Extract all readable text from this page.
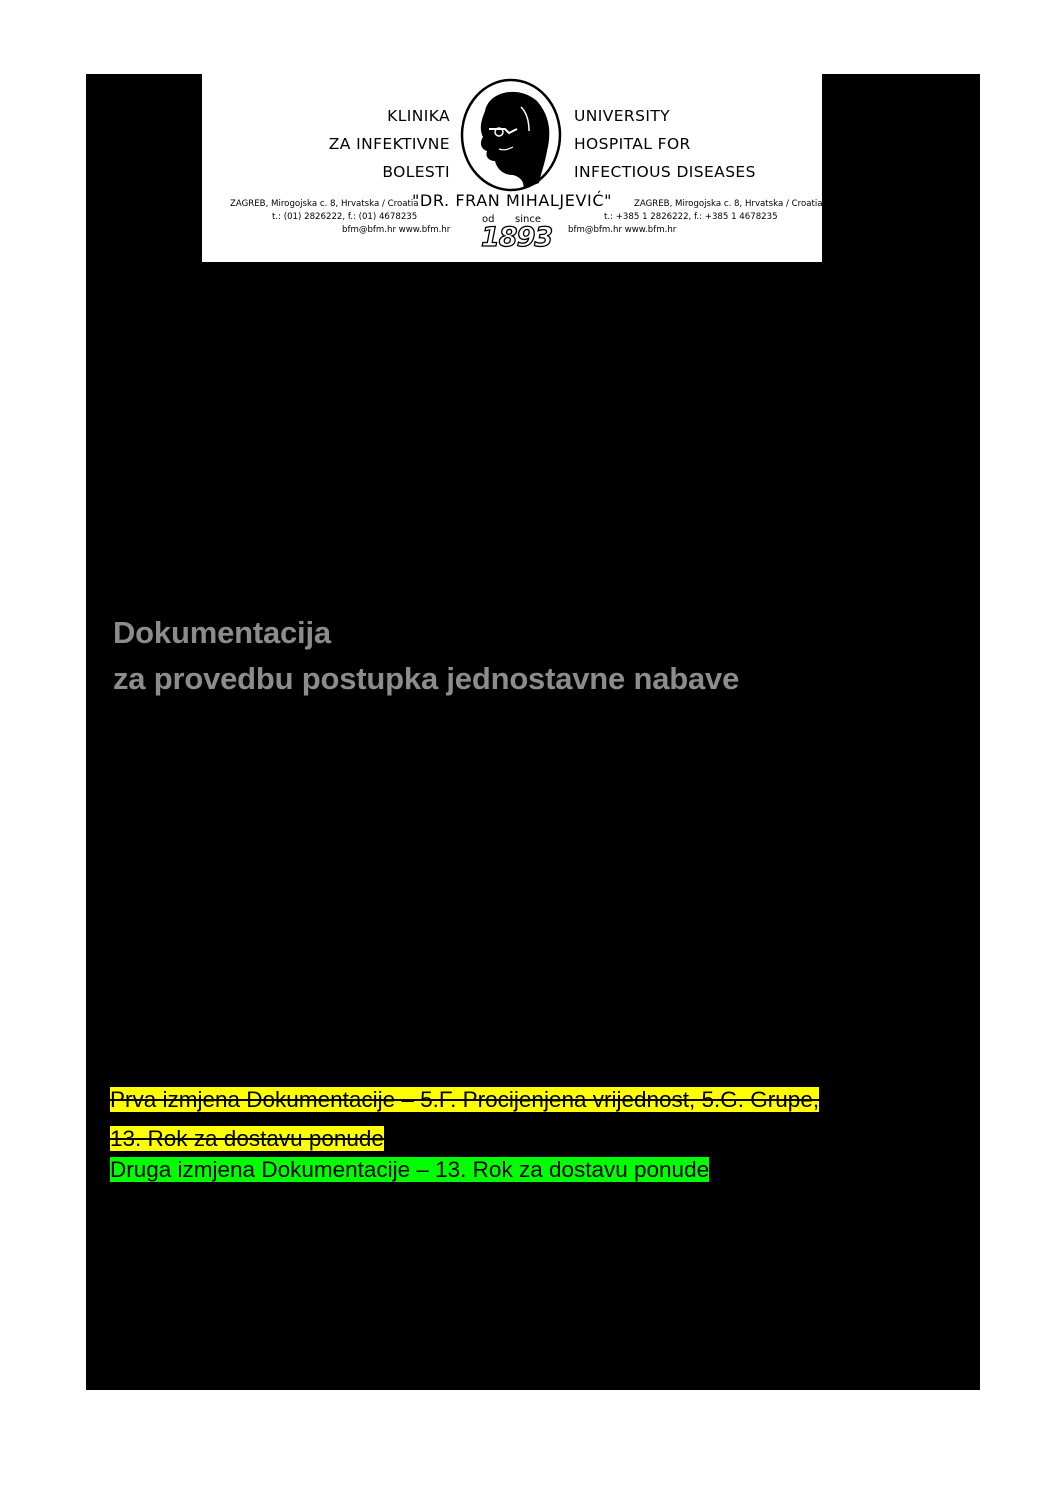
KLINIKA
ZA INFEKTIVNE
BOLESTI
UNIVERSITY
HOSPITAL FOR
INFECTIOUS DISEASES
"DR. FRAN MIHALJEVIĆ"
ZAGREB, Mirogojska c. 8, Hrvatska / Croatia
t.: (01) 2826222, f.: (01) 4678235
bfm@bfm.hr www.bfm.hr
ZAGREB, Mirogojska c. 8, Hrvatska / Croatia
t.: +385 1 2826222, f.: +385 1 4678235
bfm@bfm.hr www.bfm.hr
od since
1893
Dokumentacija
za provedbu postupka jednostavne nabave
Prva izmjena Dokumentacije – 5.F. Procijenjena vrijednost, 5.G. Grupe,
13. Rok za dostavu ponude
Druga izmjena Dokumentacije – 13. Rok za dostavu ponude
